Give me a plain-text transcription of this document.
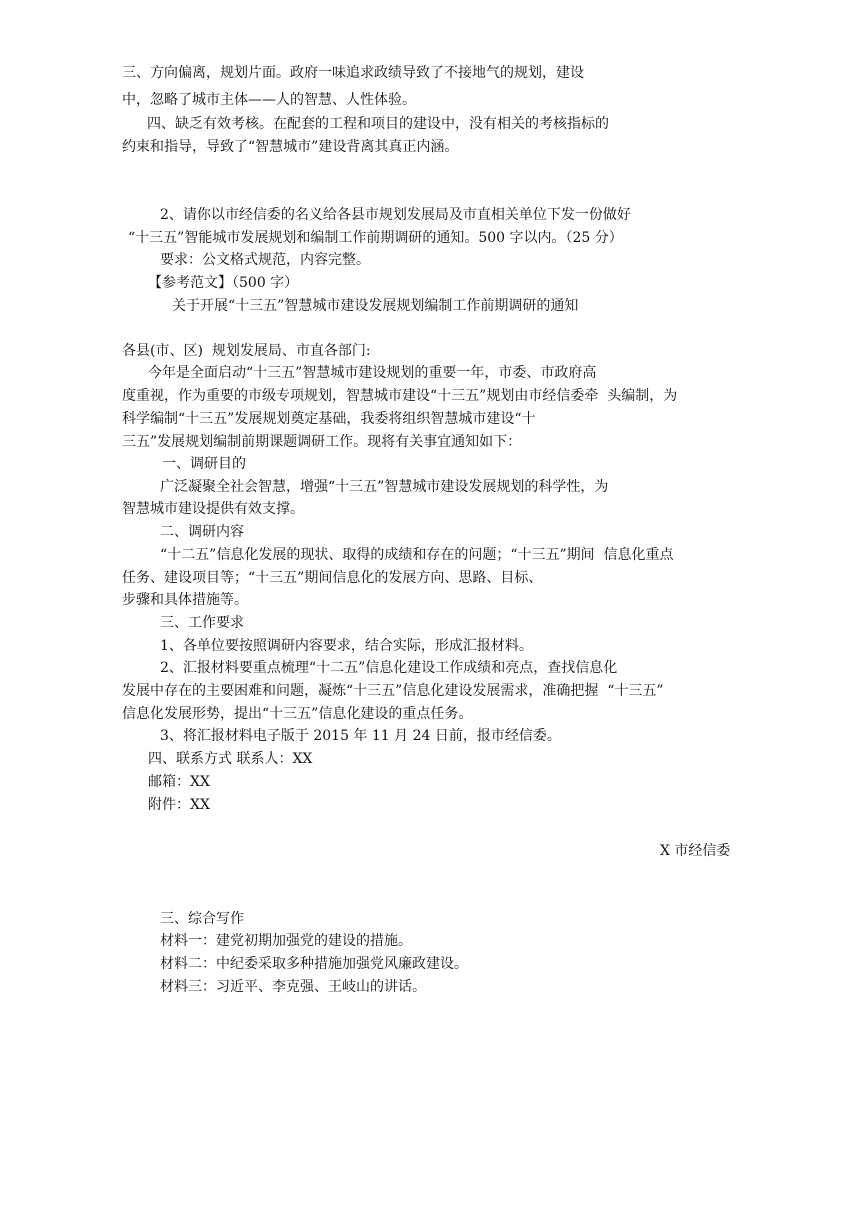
三、方向偏离，规划片面。政府一味追求政绩导致了不接地气的规划，建设

中，忽略了城市主体——人的智慧、人性体验。

四、缺乏有效考核。在配套的工程和项目的建设中，没有相关的考核指标的

约束和指导，导致了“智慧城市”建设背离其真正内涵。

2、请你以市经信委的名义给各县市规划发展局及市直相关单位下发一份做好

“十三五”智能城市发展规划和编制工作前期调研的通知。500 字以内。（25 分）

要求：公文格式规范，内容完整。

【参考范文】（500 字）

关于开展“十三五”智慧城市建设发展规划编制工作前期调研的通知

各县(市、区)  规划发展局、市直各部门:

今年是全面启动“十三五”智慧城市建设规划的重要一年，市委、市政府高

度重视，作为重要的市级专项规划，智慧城市建设“十三五”规划由市经信委牵  头编制，为

科学编制“十三五”发展规划奠定基础，我委将组织智慧城市建设“十

三五”发展规划编制前期课题调研工作。现将有关事宜通知如下：

一、调研目的

广泛凝聚全社会智慧，增强“十三五”智慧城市建设发展规划的科学性，为

智慧城市建设提供有效支撑。

二、调研内容

“十二五”信息化发展的现状、取得的成绩和存在的问题；“十三五”期间  信息化重点

任务、建设项目等；“十三五”期间信息化的发展方向、思路、目标、

步骤和具体措施等。

三、工作要求

1、各单位要按照调研内容要求，结合实际，形成汇报材料。

2、汇报材料要重点梳理“十二五”信息化建设工作成绩和亮点，查找信息化

发展中存在的主要困难和问题，凝炼“十三五”信息化建设发展需求，准确把握  “十三五”

信息化发展形势，提出“十三五”信息化建设的重点任务。

3、将汇报材料电子版于 2015 年 11 月 24 日前，报市经信委。

四、联系方式 联系人：XX

邮箱：XX

附件：XX

X 市经信委

三、综合写作

材料一：建党初期加强党的建设的措施。

材料二：中纪委采取多种措施加强党风廉政建设。

材料三：习近平、李克强、王岐山的讲话。
